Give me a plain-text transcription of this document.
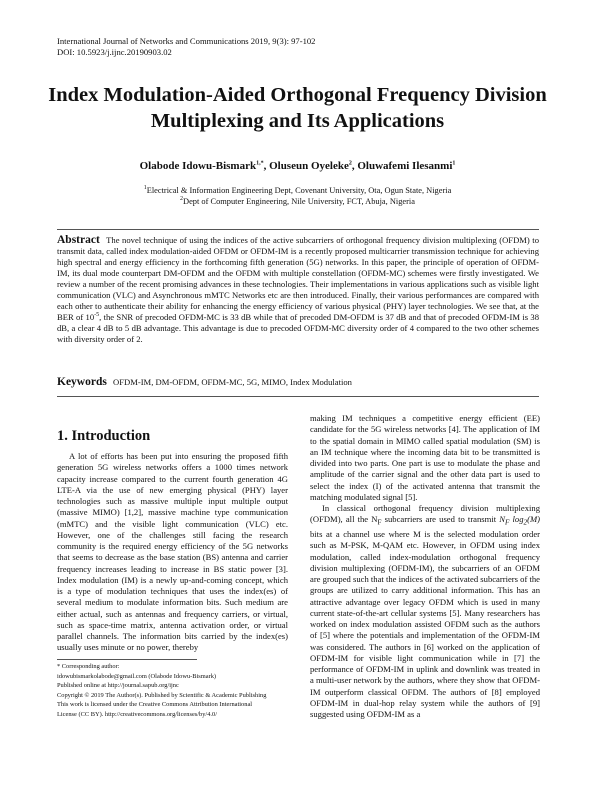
International Journal of Networks and Communications 2019, 9(3): 97-102
DOI: 10.5923/j.ijnc.20190903.02
Index Modulation-Aided Orthogonal Frequency Division
Multiplexing and Its Applications
Olabode Idowu-Bismark$^{1,*}$, Oluseun Oyeleke$^2$, Oluwafemi Ilesanmi$^1$
$^1$Electrical & Information Engineering Dept, Covenant University, Ota, Ogun State, Nigeria
$^2$Dept of Computer Engineering, Nile University, FCT, Abuja, Nigeria
Abstract The novel technique of using the indices of the active subcarriers of orthogonal frequency division multiplexing (OFDM) to transmit data, called index modulation-aided OFDM or OFDM-IM is a recently proposed multicarrier transmission technique for achieving high spectral and energy efficiency in the forthcoming fifth generation (5G) networks. In this paper, the principle of operation of OFDM-IM, its dual mode counterpart DM-OFDM and the OFDM with multiple constellation (OFDM-MC) schemes were firstly investigated. We review a number of the recent promising advances in these technologies. Their implementations in various applications such as visible light communication (VLC) and Asynchronous mMTC Networks etc are then introduced. Finally, their various performances are compared with each other to authenticate their ability for enhancing the energy efficiency of various physical (PHY) layer technologies. We see that, at the BER of $10^{-5}$, the SNR of precoded OFDM-MC is 33 dB while that of precoded DM-OFDM is 37 dB and that of precoded OFDM-IM is 38 dB, a clear 4 dB to 5 dB advantage. This advantage is due to precoded OFDM-MC diversity order of 4 compared to the two other schemes with diversity order of 2.
Keywords OFDM-IM, DM-OFDM, OFDM-MC, 5G, MIMO, Index Modulation
1. Introduction

A lot of efforts has been put into ensuring the proposed fifth generation 5G wireless networks offers a 1000 times network capacity increase compared to the current fourth generation 4G LTE-A via the use of new emerging physical (PHY) layer technologies such as massive multiple input multiple output (massive MIMO) [1,2], massive machine type communication (mMTC) and the visible light communication (VLC) etc. However, one of the challenges still facing the research community is the required energy efficiency of the 5G networks that seems to decrease as the base station (BS) antenna and carrier frequency increases leading to increase in BS static power [3]. Index modulation (IM) is a newly up-and-coming concept, which is a type of modulation techniques that uses the index(es) of several medium to modulate information bits. Such medium are either actual, such as antennas and frequency carriers, or virtual, such as space-time matrix, antenna activation order, or virtual parallel channels. The information bits carried by the index(es) usually uses minute or no power, thereby

making IM techniques a competitive energy efficient (EE) candidate for the 5G wireless networks [4]. The application of IM to the spatial domain in MIMO called spatial modulation (SM) is an IM technique where the incoming data bit to be transmitted is divided into two parts. One part is use to modulate the phase and amplitude of the carrier signal and the other data part is used to select the index (I) of the activated antenna that transmit the matching modulated signal [5].

In classical orthogonal frequency division multiplexing (OFDM), all the $N_F$ subcarriers are used to transmit $N_F$ $\log_2(M)$ bits at a channel use where M is the selected modulation order such as M-PSK, M-QAM etc. However, in OFDM using index modulation, called index-modulation orthogonal frequency division multiplexing (OFDM-IM), the subcarriers of an OFDM are grouped such that the indices of the activated subcarriers of the groups are utilized to carry additional information. This has an attractive advantage over legacy OFDM which is used in many current state-of-the-art cellular systems [5]. Many researchers has worked on index modulation assisted OFDM such as the authors of [5] where the potentials and implementation of the OFDM-IM was considered. The authors in [6] worked on the application of OFDM-IM for visible light communication while in [7] the performance of OFDM-IM in uplink and downlink was treated in a multi-user network by the authors, where they show that OFDM-IM outperform classical OFDM. The authors of [8] employed OFDM-IM in dual-hop relay system while the authors of [9] suggested using OFDM-IM as a

* Corresponding author:
idowubismarkolabode@gmail.com (Olabode Idowu-Bismark)
Published online at http://journal.sapub.org/ijnc
Copyright © 2019 The Author(s). Published by Scientific & Academic Publishing
This work is licensed under the Creative Commons Attribution International
License (CC BY). http://creativecommons.org/licenses/by/4.0/
